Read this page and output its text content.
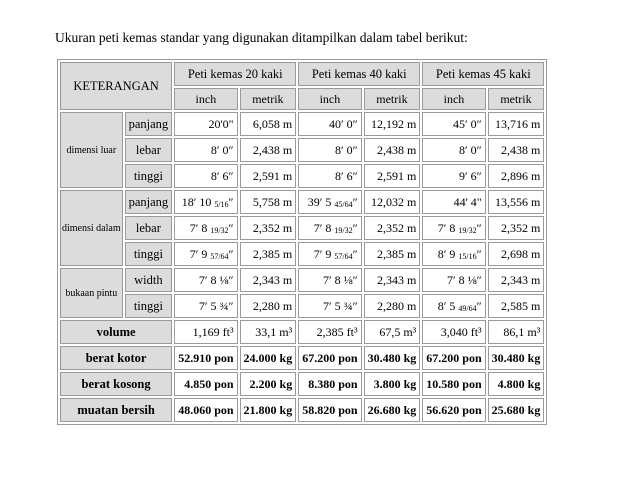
Ukuran peti kemas standar yang digunakan ditampilkan dalam tabel berikut:
KETERANGAN		Peti kemas 20 kaki		Peti kemas 40 kaki		Peti kemas 45 kaki	
		inch	metrik	inch	metrik	inch	metrik
dimensi luar	panjang	20'0"	6,058 m	40′ 0″	12,192 m	45′ 0″	13,716 m
	lebar	8′ 0″	2,438 m	8′ 0″	2,438 m	8′ 0″	2,438 m
	tinggi	8′ 6″	2,591 m	8′ 6″	2,591 m	9′ 6″	2,896 m
dimensi dalam	panjang	18′ 10 $_{5/16}$″	5,758 m	39′ 5 $_{45/64}$″	12,032 m	44' 4"	13,556 m
	lebar	7′ 8 $_{19/32}$″	2,352 m	7′ 8 $_{19/32}$″	2,352 m	7′ 8 $_{19/32}$″	2,352 m
	tinggi	7′ 9 $_{57/64}$″	2,385 m	7′ 9 $_{57/64}$″	2,385 m	8′ 9 $_{15/16}$″	2,698 m
bukaan pintu	width	7′ 8 ⅛″	2,343 m	7′ 8 ⅛″	2,343 m	7′ 8 ⅛″	2,343 m
	tinggi	7′ 5 ¾″	2,280 m	7′ 5 ¾″	2,280 m	8′ 5 $_{49/64}$″	2,585 m
volume		1,169 ft³	33,1 m³	2,385 ft³	67,5 m³	3,040 ft³	86,1 m³
berat kotor		52.910 pon	24.000 kg	67.200 pon	30.480 kg	67.200 pon	30.480 kg
berat kosong		4.850 pon	2.200 kg	8.380 pon	3.800 kg	10.580 pon	4.800 kg
muatan bersih		48.060 pon	21.800 kg	58.820 pon	26.680 kg	56.620 pon	25.680 kg
